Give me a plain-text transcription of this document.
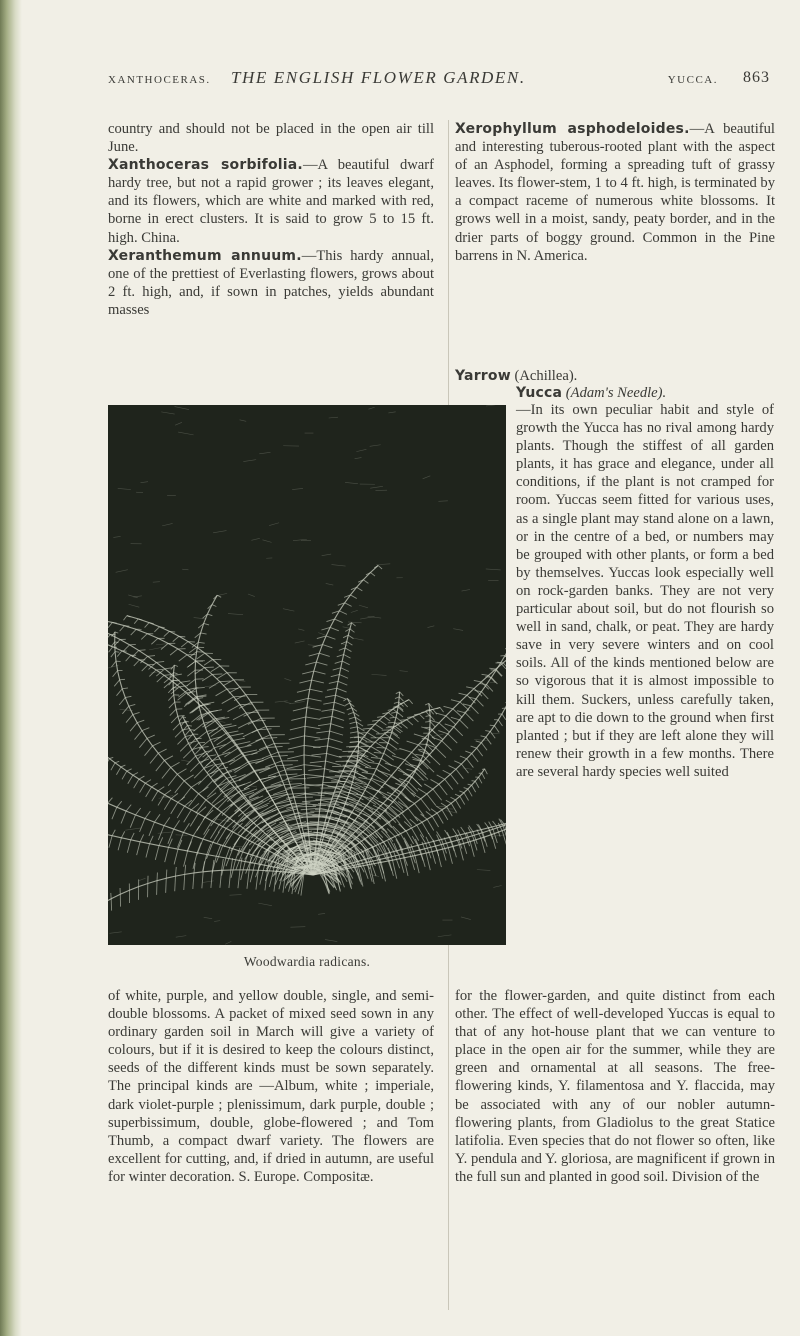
XANTHOCERAS. THE ENGLISH FLOWER GARDEN.	YUCCA. 863
country and should not be placed in the open air till June.
Xanthoceras sorbifolia.—A beautiful dwarf hardy tree, but not a rapid grower ; its leaves elegant, and its flowers, which are white and marked with red, borne in erect clusters. It is said to grow 5 to 15 ft. high. China.
Xeranthemum annuum.—This hardy annual, one of the prettiest of Everlasting flowers, grows about 2 ft. high, and, if sown in patches, yields abundant masses
Xerophyllum asphodeloides.—A beautiful and interesting tuberous-rooted plant with the aspect of an Asphodel, forming a spreading tuft of grassy leaves. Its flower-stem, 1 to 4 ft. high, is terminated by a compact raceme of numerous white blossoms. It grows well in a moist, sandy, peaty border, and in the drier parts of boggy ground. Common in the Pine barrens in N. America.
Yarrow (Achillea).
Yucca (Adam's Needle).
—In its own peculiar habit and style of growth the Yucca has no rival among hardy plants. Though the stiffest of all garden plants, it has grace and elegance, under all conditions, if the plant is not cramped for room. Yuccas seem fitted for various uses, as a single plant may stand alone on a lawn, or in the centre of a bed, or numbers may be grouped with other plants, or form a bed by themselves. Yuccas look especially well on rock-garden banks. They are not very particular about soil, but do not flourish so well in sand, chalk, or peat. They are hardy save in very severe winters and on cool soils. All of the kinds mentioned below are so vigorous that it is almost impossible to kill them. Suckers, unless carefully taken, are apt to die down to the ground when first planted ; but if they are left alone they will renew their growth in a few months. There are several hardy species well suited
Woodwardia radicans.
of white, purple, and yellow double, single, and semi-double blossoms. A packet of mixed seed sown in any ordinary garden soil in March will give a variety of colours, but if it is desired to keep the colours distinct, seeds of the different kinds must be sown separately. The principal kinds are —Album, white ; imperiale, dark violet-purple ; plenissimum, dark purple, double ; superbissimum, double, globe-flowered ; and Tom Thumb, a compact dwarf variety. The flowers are excellent for cutting, and, if dried in autumn, are useful for winter decoration. S. Europe. Compositæ.
for the flower-garden, and quite distinct from each other. The effect of well-developed Yuccas is equal to that of any hot-house plant that we can venture to place in the open air for the summer, while they are green and ornamental at all seasons. The free-flowering kinds, Y. filamentosa and Y. flaccida, may be associated with any of our nobler autumn-flowering plants, from Gladiolus to the great Statice latifolia. Even species that do not flower so often, like Y. pendula and Y. gloriosa, are magnificent if grown in the full sun and planted in good soil. Division of the
